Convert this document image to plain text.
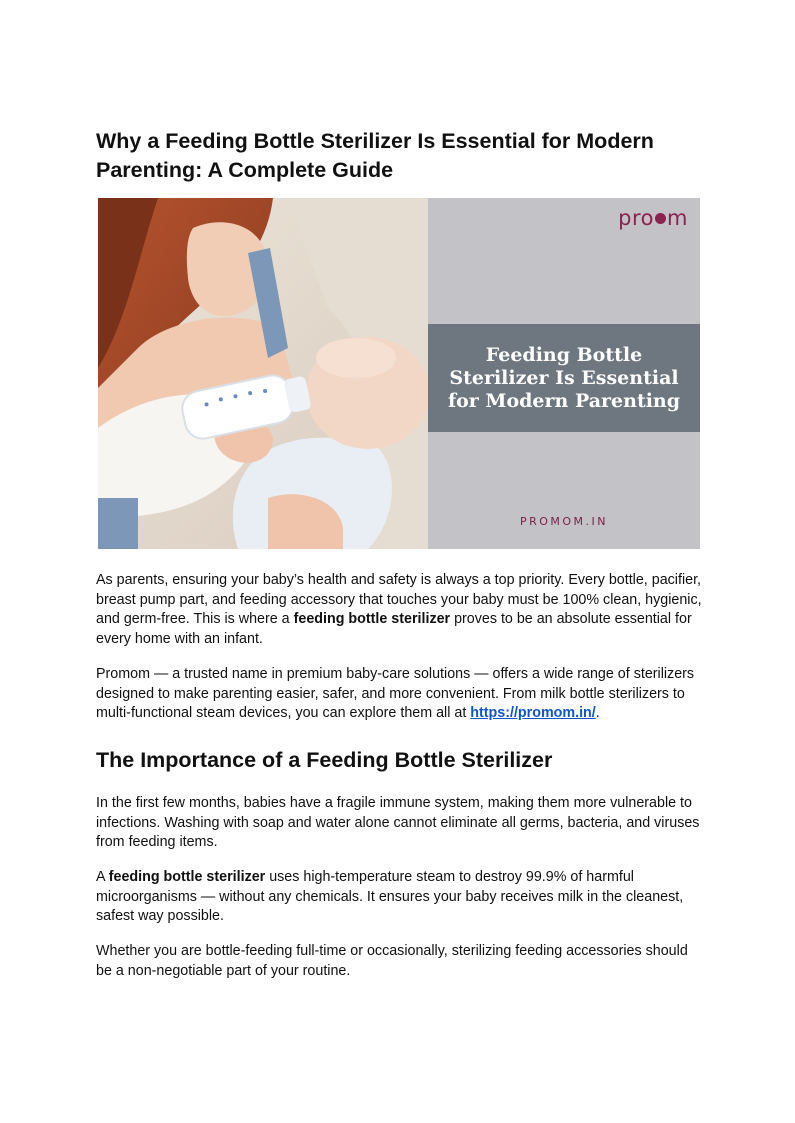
Why a Feeding Bottle Sterilizer Is Essential for Modern Parenting: A Complete Guide
pro m
Feeding Bottle Sterilizer Is Essential for Modern Parenting
PROMOM.IN

As parents, ensuring your baby’s health and safety is always a top priority. Every bottle, pacifier, breast pump part, and feeding accessory that touches your baby must be 100% clean, hygienic, and germ-free. This is where a feeding bottle sterilizer proves to be an absolute essential for every home with an infant.

Promom — a trusted name in premium baby-care solutions — offers a wide range of sterilizers designed to make parenting easier, safer, and more convenient. From milk bottle sterilizers to multi-functional steam devices, you can explore them all at https://promom.in/.

The Importance of a Feeding Bottle Sterilizer

In the first few months, babies have a fragile immune system, making them more vulnerable to infections. Washing with soap and water alone cannot eliminate all germs, bacteria, and viruses from feeding items.

A feeding bottle sterilizer uses high-temperature steam to destroy 99.9% of harmful microorganisms — without any chemicals. It ensures your baby receives milk in the cleanest, safest way possible.

Whether you are bottle-feeding full-time or occasionally, sterilizing feeding accessories should be a non-negotiable part of your routine.
